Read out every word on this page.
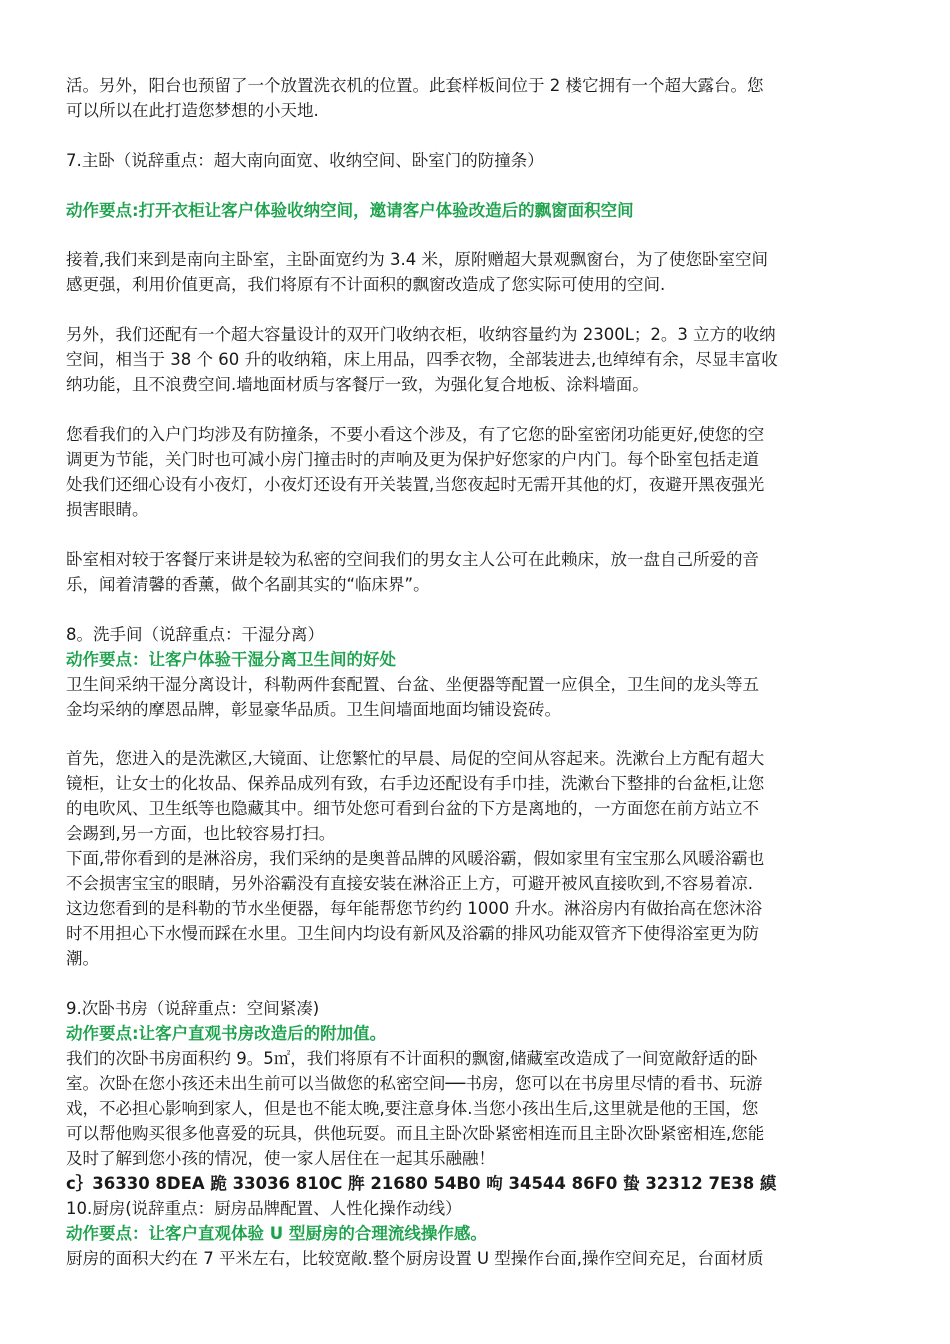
活。另外，阳台也预留了一个放置洗衣机的位置。此套样板间位于 2 楼它拥有一个超大露台。您
可以所以在此打造您梦想的小天地.
7.主卧（说辞重点：超大南向面宽、收纳空间、卧室门的防撞条）
动作要点:打开衣柜让客户体验收纳空间，邀请客户体验改造后的飘窗面积空间
接着,我们来到是南向主卧室，主卧面宽约为 3.4 米，原附赠超大景观飘窗台，为了使您卧室空间
感更强，利用价值更高，我们将原有不计面积的飘窗改造成了您实际可使用的空间.
另外，我们还配有一个超大容量设计的双开门收纳衣柜，收纳容量约为 2300L；2。3 立方的收纳
空间，相当于 38 个 60 升的收纳箱，床上用品，四季衣物，全部装进去,也绰绰有余，尽显丰富收
纳功能，且不浪费空间.墙地面材质与客餐厅一致，为强化复合地板、涂料墙面。
您看我们的入户门均涉及有防撞条，不要小看这个涉及，有了它您的卧室密闭功能更好,使您的空
调更为节能，关门时也可减小房门撞击时的声响及更为保护好您家的户内门。每个卧室包括走道
处我们还细心设有小夜灯，小夜灯还设有开关装置,当您夜起时无需开其他的灯，夜避开黑夜强光
损害眼睛。
卧室相对较于客餐厅来讲是较为私密的空间我们的男女主人公可在此赖床，放一盘自己所爱的音
乐，闻着清馨的香薰，做个名副其实的“临床界”。
8。洗手间（说辞重点：干湿分离）
动作要点：让客户体验干湿分离卫生间的好处
卫生间采纳干湿分离设计，科勒两件套配置、台盆、坐便器等配置一应俱全，卫生间的龙头等五
金均采纳的摩恩品牌，彰显豪华品质。卫生间墙面地面均铺设瓷砖。
首先，您进入的是洗漱区,大镜面、让您繁忙的早晨、局促的空间从容起来。洗漱台上方配有超大
镜柜，让女士的化妆品、保养品成列有致，右手边还配设有手巾挂，洗漱台下整排的台盆柜,让您
的电吹风、卫生纸等也隐藏其中。细节处您可看到台盆的下方是离地的，一方面您在前方站立不
会踢到,另一方面，也比较容易打扫。
下面,带你看到的是淋浴房，我们采纳的是奥普品牌的风暖浴霸，假如家里有宝宝那么风暖浴霸也
不会损害宝宝的眼睛，另外浴霸没有直接安装在淋浴正上方，可避开被风直接吹到,不容易着凉.
这边您看到的是科勒的节水坐便器，每年能帮您节约约 1000 升水。淋浴房内有做抬高在您沐浴
时不用担心下水慢而踩在水里。卫生间内均设有新风及浴霸的排风功能双管齐下使得浴室更为防
潮。
9.次卧书房（说辞重点：空间紧凑)
动作要点:让客户直观书房改造后的附加值。
我们的次卧书房面积约 9。5㎡，我们将原有不计面积的飘窗,储藏室改造成了一间宽敞舒适的卧
室。次卧在您小孩还未出生前可以当做您的私密空间──书房，您可以在书房里尽情的看书、玩游
戏，不必担心影响到家人，但是也不能太晚,要注意身体.当您小孩出生后,这里就是他的王国，您
可以帮他购买很多他喜爱的玩具，供他玩耍。而且主卧次卧紧密相连而且主卧次卧紧密相连,您能
及时了解到您小孩的情况，使一家人居住在一起其乐融融！
c｝36330 8DEA 跪 33036 810C 脌 21680 54B0 呴 34544 86F0 蛰 32312 7E38 縸
10.厨房(说辞重点：厨房品牌配置、人性化操作动线）
动作要点：让客户直观体验 U 型厨房的合理流线操作感。
厨房的面积大约在 7 平米左右，比较宽敞.整个厨房设置 U 型操作台面,操作空间充足，台面材质
